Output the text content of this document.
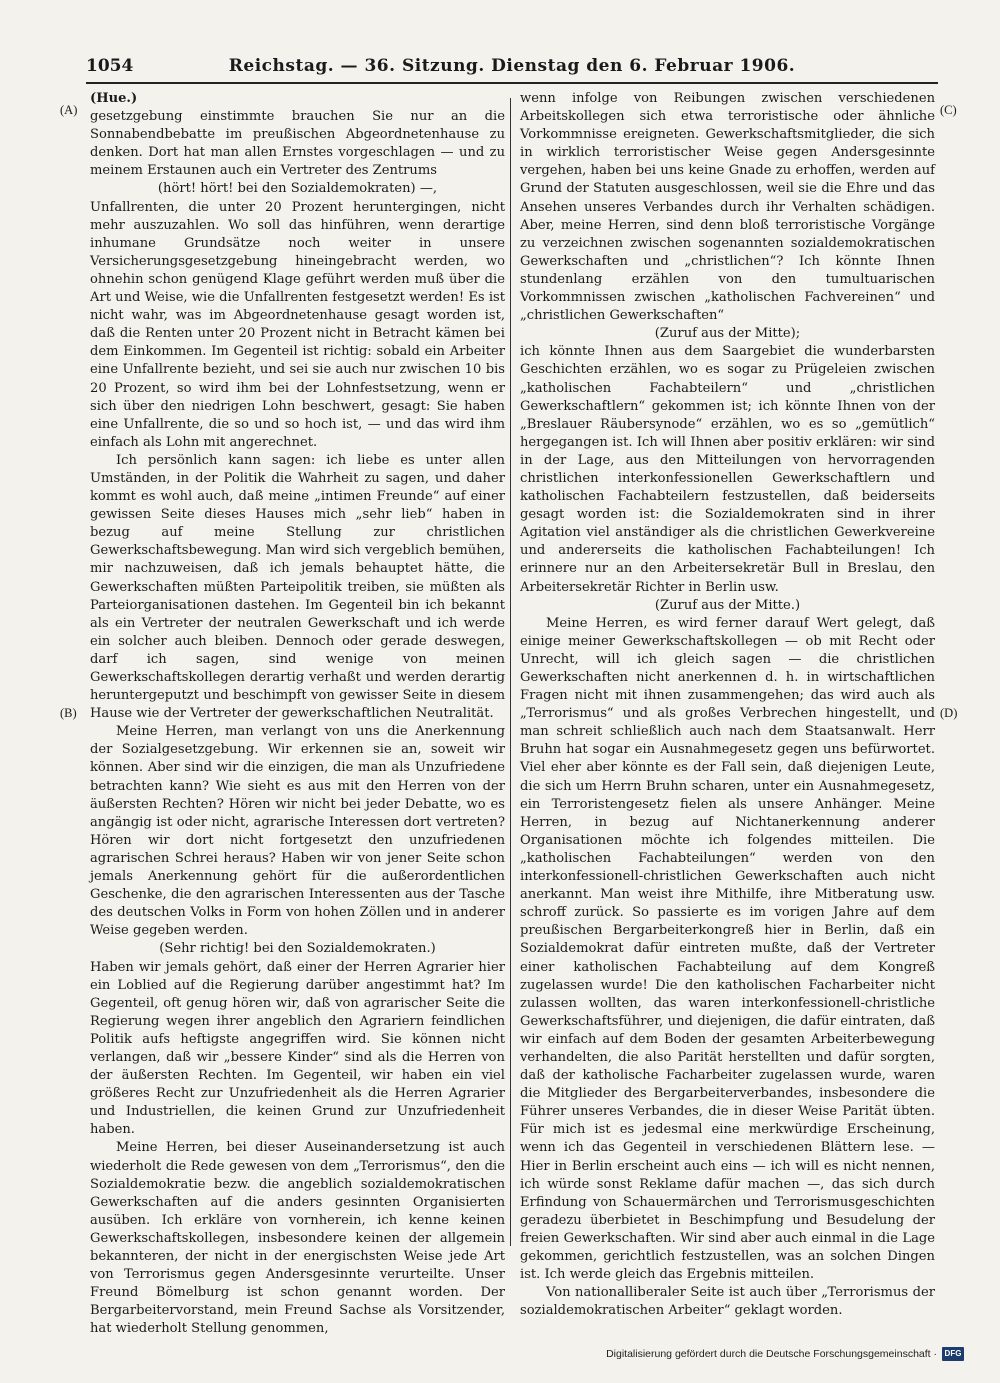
1054	Reichstag. — 36. Sitzung. Dienstag den 6. Februar 1906.
(A)
(B)
(C)
(D)

(Hue.)

gesetzgebung einstimmte brauchen Sie nur an die Sonnabendbebatte im preußischen Abgeordnetenhause zu denken. Dort hat man allen Ernstes vorgeschlagen — und zu meinem Erstaunen auch ein Vertreter des Zentrums

(hört! hört! bei den Sozialdemokraten) —,

Unfallrenten, die unter 20 Prozent heruntergingen, nicht mehr auszuzahlen. Wo soll das hinführen, wenn derartige inhumane Grundsätze noch weiter in unsere Versicherungsgesetzgebung hineingebracht werden, wo ohnehin schon genügend Klage geführt werden muß über die Art und Weise, wie die Unfallrenten festgesetzt werden! Es ist nicht wahr, was im Abgeordnetenhause gesagt worden ist, daß die Renten unter 20 Prozent nicht in Betracht kämen bei dem Einkommen. Im Gegenteil ist richtig: sobald ein Arbeiter eine Unfallrente bezieht, und sei sie auch nur zwischen 10 bis 20 Prozent, so wird ihm bei der Lohnfestsetzung, wenn er sich über den niedrigen Lohn beschwert, gesagt: Sie haben eine Unfallrente, die so und so hoch ist, — und das wird ihm einfach als Lohn mit angerechnet.

Ich persönlich kann sagen: ich liebe es unter allen Umständen, in der Politik die Wahrheit zu sagen, und daher kommt es wohl auch, daß meine „intimen Freunde“ auf einer gewissen Seite dieses Hauses mich „sehr lieb“ haben in bezug auf meine Stellung zur christlichen Gewerkschaftsbewegung. Man wird sich vergeblich bemühen, mir nachzuweisen, daß ich jemals behauptet hätte, die Gewerkschaften müßten Parteipolitik treiben, sie müßten als Parteiorganisationen dastehen. Im Gegenteil bin ich bekannt als ein Vertreter der neutralen Gewerkschaft und ich werde ein solcher auch bleiben. Dennoch oder gerade deswegen, darf ich sagen, sind wenige von meinen Gewerkschaftskollegen derartig verhaßt und werden derartig heruntergeputzt und beschimpft von gewisser Seite in diesem Hause wie der Vertreter der gewerkschaftlichen Neutralität.

Meine Herren, man verlangt von uns die Anerkennung der Sozialgesetzgebung. Wir erkennen sie an, soweit wir können. Aber sind wir die einzigen, die man als Unzufriedene betrachten kann? Wie sieht es aus mit den Herren von der äußersten Rechten? Hören wir nicht bei jeder Debatte, wo es angängig ist oder nicht, agrarische Interessen dort vertreten? Hören wir dort nicht fortgesetzt den unzufriedenen agrarischen Schrei heraus? Haben wir von jener Seite schon jemals Anerkennung gehört für die außerordentlichen Geschenke, die den agrarischen Interessenten aus der Tasche des deutschen Volks in Form von hohen Zöllen und in anderer Weise gegeben werden.

(Sehr richtig! bei den Sozialdemokraten.)

Haben wir jemals gehört, daß einer der Herren Agrarier hier ein Loblied auf die Regierung darüber angestimmt hat? Im Gegenteil, oft genug hören wir, daß von agrarischer Seite die Regierung wegen ihrer angeblich den Agrariern feindlichen Politik aufs heftigste angegriffen wird. Sie können nicht verlangen, daß wir „bessere Kinder“ sind als die Herren von der äußersten Rechten. Im Gegenteil, wir haben ein viel größeres Recht zur Unzufriedenheit als die Herren Agrarier und Industriellen, die keinen Grund zur Unzufriedenheit haben.

Meine Herren, bei dieser Auseinandersetzung ist auch wiederholt die Rede gewesen von dem „Terrorismus“, den die Sozialdemokratie bezw. die angeblich sozialdemokratischen Gewerkschaften auf die anders gesinnten Organisierten ausüben. Ich erkläre von vornherein, ich kenne keinen Gewerkschaftskollegen, insbesondere keinen der allgemein bekannteren, der nicht in der energischsten Weise jede Art von Terrorismus gegen Andersgesinnte verurteilte. Unser Freund Bömelburg ist schon genannt worden. Der Bergarbeitervorstand, mein Freund Sachse als Vorsitzender, hat wiederholt Stellung genommen,

wenn infolge von Reibungen zwischen verschiedenen Arbeitskollegen sich etwa terroristische oder ähnliche Vorkommnisse ereigneten. Gewerkschaftsmitglieder, die sich in wirklich terroristischer Weise gegen Andersgesinnte vergehen, haben bei uns keine Gnade zu erhoffen, werden auf Grund der Statuten ausgeschlossen, weil sie die Ehre und das Ansehen unseres Verbandes durch ihr Verhalten schädigen. Aber, meine Herren, sind denn bloß terroristische Vorgänge zu verzeichnen zwischen sogenannten sozialdemokratischen Gewerkschaften und „christlichen“? Ich könnte Ihnen stundenlang erzählen von den tumultuarischen Vorkommnissen zwischen „katholischen Fachvereinen“ und „christlichen Gewerkschaften“

(Zuruf aus der Mitte);

ich könnte Ihnen aus dem Saargebiet die wunderbarsten Geschichten erzählen, wo es sogar zu Prügeleien zwischen „katholischen Fachabteilern“ und „christlichen Gewerkschaftlern“ gekommen ist; ich könnte Ihnen von der „Breslauer Räubersynode“ erzählen, wo es so „gemütlich“ hergegangen ist. Ich will Ihnen aber positiv erklären: wir sind in der Lage, aus den Mitteilungen von hervorragenden christlichen interkonfessionellen Gewerkschaftlern und katholischen Fachabteilern festzustellen, daß beiderseits gesagt worden ist: die Sozialdemokraten sind in ihrer Agitation viel anständiger als die christlichen Gewerkvereine und andererseits die katholischen Fachabteilungen! Ich erinnere nur an den Arbeitersekretär Bull in Breslau, den Arbeitersekretär Richter in Berlin usw.

(Zuruf aus der Mitte.)

Meine Herren, es wird ferner darauf Wert gelegt, daß einige meiner Gewerkschaftskollegen — ob mit Recht oder Unrecht, will ich gleich sagen — die christlichen Gewerkschaften nicht anerkennen d. h. in wirtschaftlichen Fragen nicht mit ihnen zusammengehen; das wird auch als „Terrorismus“ und als großes Verbrechen hingestellt, und man schreit schließlich auch nach dem Staatsanwalt. Herr Bruhn hat sogar ein Ausnahmegesetz gegen uns befürwortet. Viel eher aber könnte es der Fall sein, daß diejenigen Leute, die sich um Herrn Bruhn scharen, unter ein Ausnahmegesetz, ein Terroristengesetz fielen als unsere Anhänger. Meine Herren, in bezug auf Nichtanerkennung anderer Organisationen möchte ich folgendes mitteilen. Die „katholischen Fachabteilungen“ werden von den interkonfessionell-christlichen Gewerkschaften auch nicht anerkannt. Man weist ihre Mithilfe, ihre Mitberatung usw. schroff zurück. So passierte es im vorigen Jahre auf dem preußischen Bergarbeiterkongreß hier in Berlin, daß ein Sozialdemokrat dafür eintreten mußte, daß der Vertreter einer katholischen Fachabteilung auf dem Kongreß zugelassen wurde! Die den katholischen Facharbeiter nicht zulassen wollten, das waren interkonfessionell-christliche Gewerkschaftsführer, und diejenigen, die dafür eintraten, daß wir einfach auf dem Boden der gesamten Arbeiterbewegung verhandelten, die also Parität herstellten und dafür sorgten, daß der katholische Facharbeiter zugelassen wurde, waren die Mitglieder des Bergarbeiterverbandes, insbesondere die Führer unseres Verbandes, die in dieser Weise Parität übten. Für mich ist es jedesmal eine merkwürdige Erscheinung, wenn ich das Gegenteil in verschiedenen Blättern lese. — Hier in Berlin erscheint auch eins — ich will es nicht nennen, ich würde sonst Reklame dafür machen —, das sich durch Erfindung von Schauermärchen und Terrorismusgeschichten geradezu überbietet in Beschimpfung und Besudelung der freien Gewerkschaften. Wir sind aber auch einmal in die Lage gekommen, gerichtlich festzustellen, was an solchen Dingen ist. Ich werde gleich das Ergebnis mitteilen.

Von nationalliberaler Seite ist auch über „Terrorismus der sozialdemokratischen Arbeiter“ geklagt worden.

Digitalisierung gefördert durch die Deutsche Forschungsgemeinschaft · DFG
